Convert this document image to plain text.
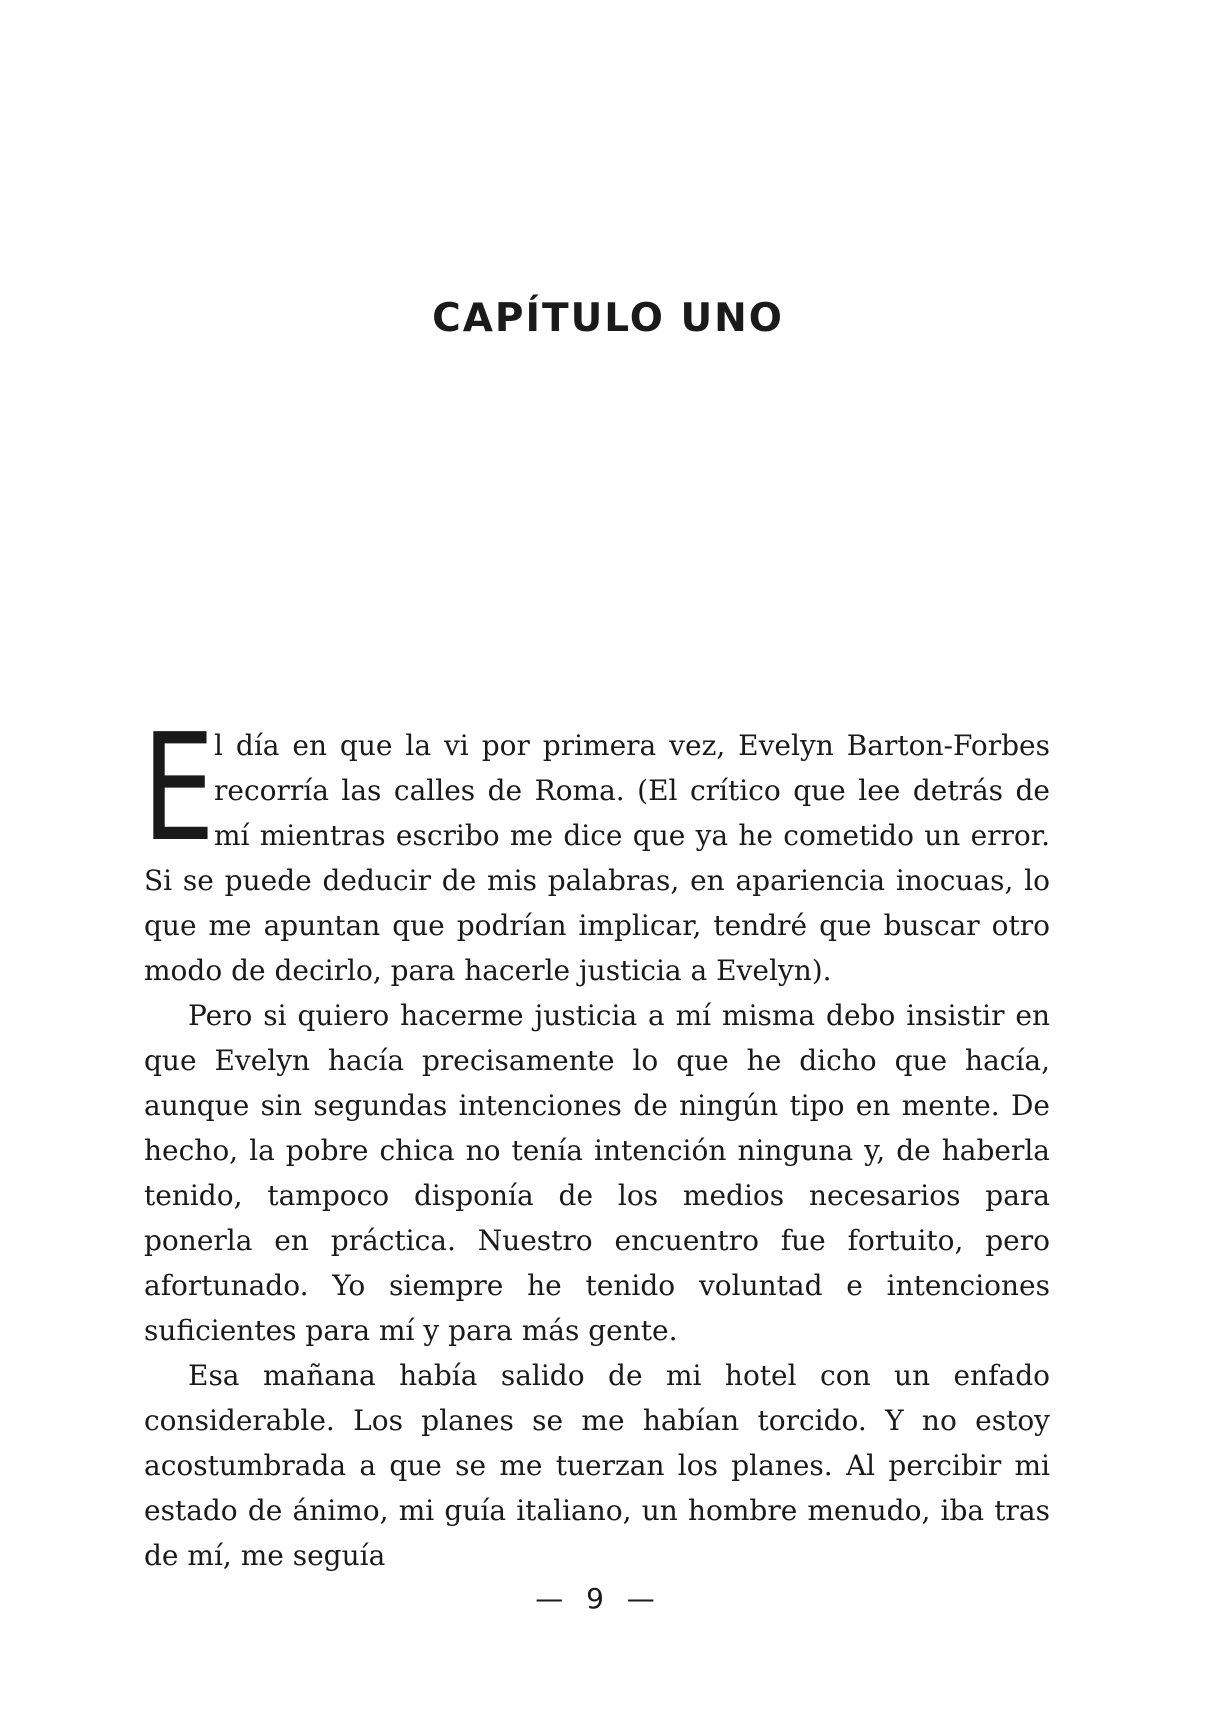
CAPÍTULO UNO

El día en que la vi por primera vez, Evelyn Barton-Forbes recorría las calles de Roma. (El crítico que lee detrás de mí mientras escribo me dice que ya he cometido un error. Si se puede deducir de mis palabras, en apariencia inocuas, lo que me apuntan que podrían implicar, tendré que buscar otro modo de decirlo, para hacerle justicia a Evelyn).

Pero si quiero hacerme justicia a mí misma debo insistir en que Evelyn hacía precisamente lo que he dicho que hacía, aunque sin segundas intenciones de ningún tipo en mente. De hecho, la pobre chica no tenía intención ninguna y, de haberla tenido, tampoco disponía de los medios necesarios para ponerla en práctica. Nuestro encuentro fue fortuito, pero afortunado. Yo siempre he tenido voluntad e intenciones suficientes para mí y para más gente.

Esa mañana había salido de mi hotel con un enfado considerable. Los planes se me habían torcido. Y no estoy acostumbrada a que se me tuerzan los planes. Al percibir mi estado de ánimo, mi guía italiano, un hombre menudo, iba tras de mí, me seguía

— 9 —
